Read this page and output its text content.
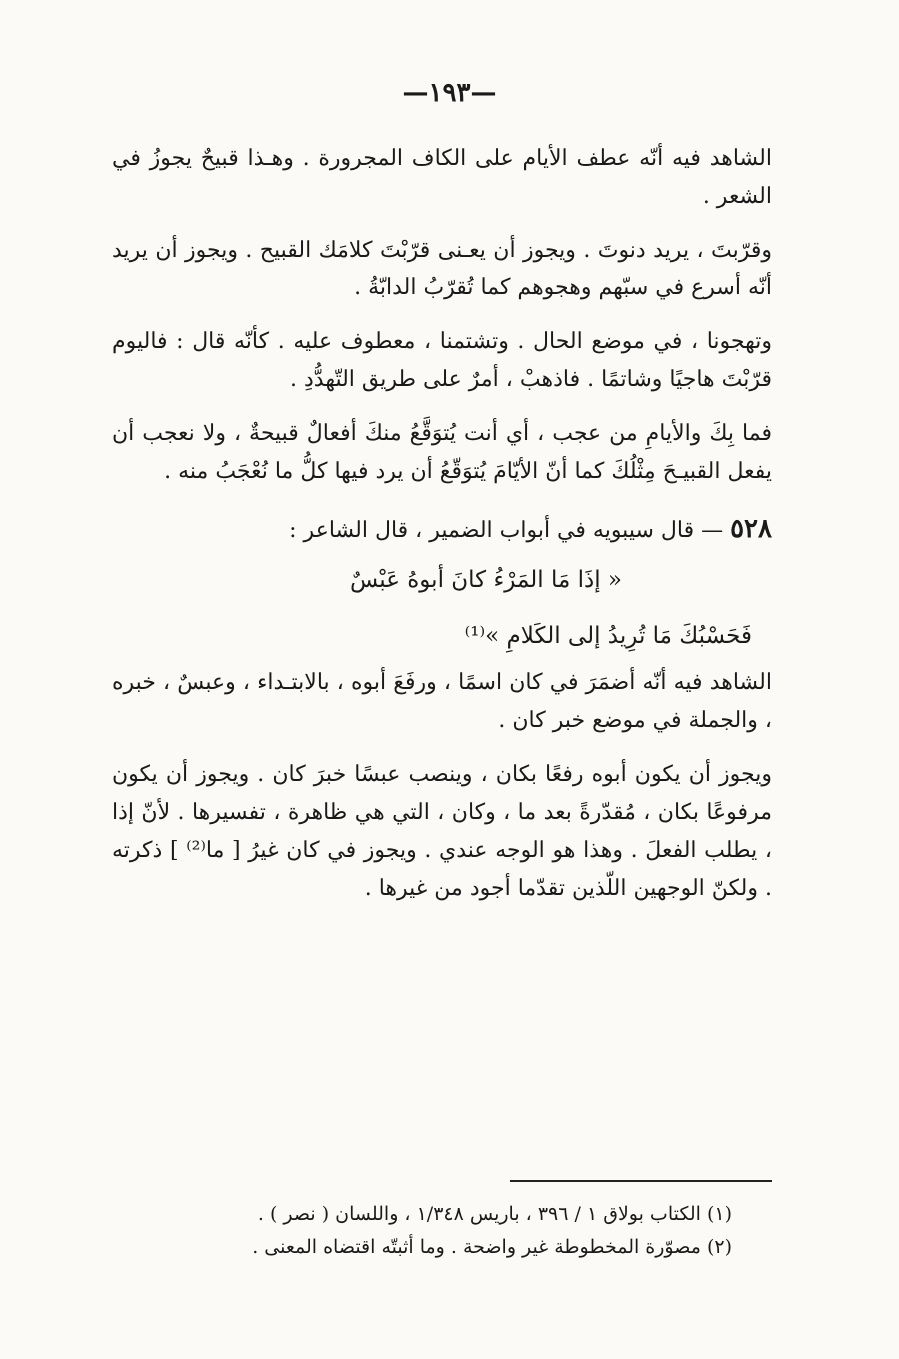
—١٩٣—

الشاهد فيه أنّه عطف الأيام على الكاف المجرورة . وهـذا قبيحٌ يجوزُ في الشعر .

وقرّبتَ ، يريد دنوتَ . ويجوز أن يعـنى قرّبْتَ كلامَك القبيح . ويجوز أن يريد أنّه أسرع في سبّهم وهجوهم كما تُقرّبُ الدابّةُ .

وتهجونا ، في موضع الحال . وتشتمنا ، معطوف عليه . كأنّه قال : فاليوم قرّبْتَ هاجيًا وشاتمًا . فاذهبْ ، أمرٌ على طريق التّهدُّدِ .

فما بِكَ والأيامِ من عجب ، أي أنت يُتوَقَّعُ منكَ أفعالٌ قبيحةٌ ، ولا نعجب أن يفعل القبيـحَ مِثْلُكَ كما أنّ الأيّامَ يُتوَقّعُ أن يرد فيها كلُّ ما نُعْجَبُ منه .

٥٢٨ — قال سيبويه في أبواب الضمير ، قال الشاعر :

« إذَا مَا المَرْءُ كانَ أبوهُ عَبْسٌ

فَحَسْبُكَ مَا تُرِيدُ إلى الكَلامِ »⁽¹⁾

الشاهد فيه أنّه أضمَرَ في كان اسمًا ، ورفَعَ أبوه ، بالابتـداء ، وعبسٌ ، خبره ، والجملة في موضع خبر كان .

ويجوز أن يكون أبوه رفعًا بكان ، وينصب عبسًا خبرَ كان . ويجوز أن يكون مرفوعًا بكان ، مُقدّرةً بعد ما ، وكان ، التي هي ظاهرة ، تفسيرها . لأنّ إذا ، يطلب الفعلَ . وهذا هو الوجه عندي . ويجوز في كان غيرُ [ ما⁽²⁾ ] ذكرته . ولكنّ الوجهين اللّذين تقدّما أجود من غيرها .

(١) الكتاب بولاق ١ / ٣٩٦ ، باريس ١/٣٤٨ ، واللسان ( نصر ) .

(٢) مصوّرة المخطوطة غير واضحة . وما أثبتّه اقتضاه المعنى .
